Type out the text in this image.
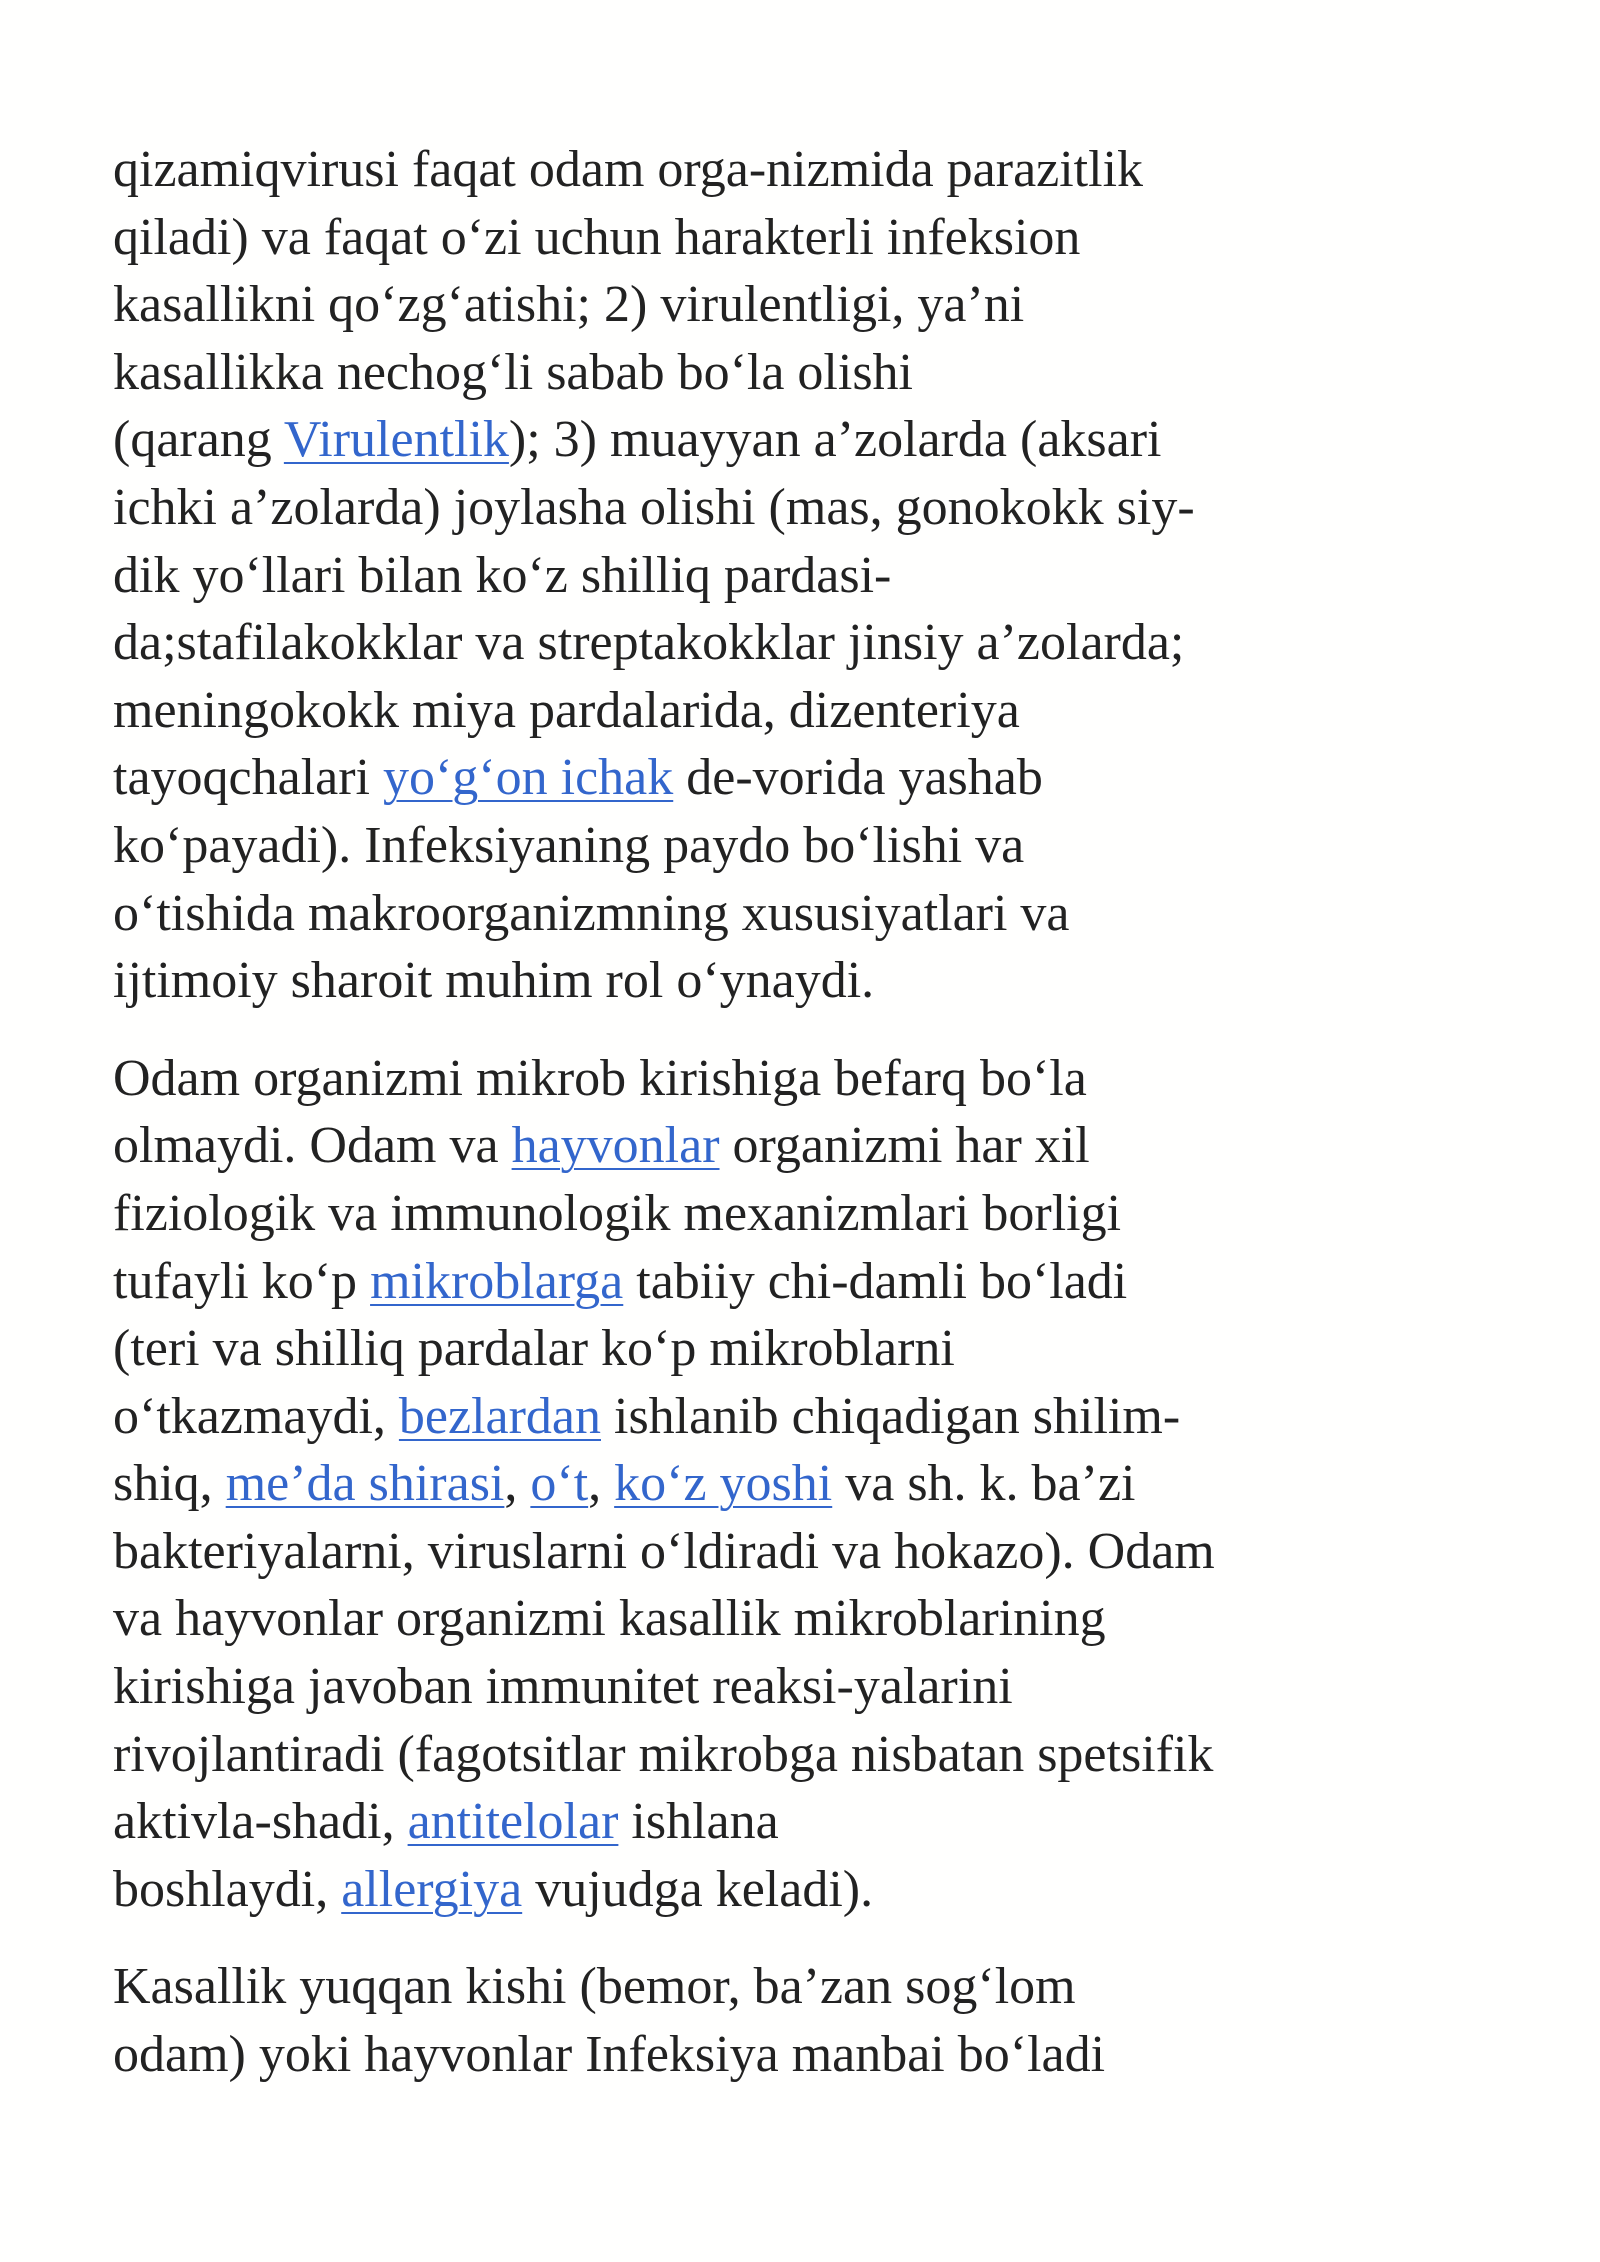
qizamiqvirusi faqat odam orga-nizmida parazitlik
qiladi) va faqat o‘zi uchun harakterli infeksion
kasallikni qo‘zg‘atishi; 2) virulentligi, ya’ni
kasallikka nechog‘li sabab bo‘la olishi
(qarang Virulentlik); 3) muayyan a’zolarda (aksari
ichki a’zolarda) joylasha olishi (mas, gonokokk siy-
dik yo‘llari bilan ko‘z shilliq pardasi-
da;stafilakokklar va streptakokklar jinsiy a’zolarda;
meningokokk miya pardalarida, dizenteriya
tayoqchalari yo‘g‘on ichak de-vorida yashab
ko‘payadi). Infeksiyaning paydo bo‘lishi va
o‘tishida makroorganizmning xususiyatlari va
ijtimoiy sharoit muhim rol o‘ynaydi.
Odam organizmi mikrob kirishiga befarq bo‘la
olmaydi. Odam va hayvonlar organizmi har xil
fiziologik va immunologik mexanizmlari borligi
tufayli ko‘p mikroblarga tabiiy chi-damli bo‘ladi
(teri va shilliq pardalar ko‘p mikroblarni
o‘tkazmaydi, bezlardan ishlanib chiqadigan shilim-
shiq, me’da shirasi, o‘t, ko‘z yoshi va sh. k. ba’zi
bakteriyalarni, viruslarni o‘ldiradi va hokazo). Odam
va hayvonlar organizmi kasallik mikroblarining
kirishiga javoban immunitet reaksi-yalarini
rivojlantiradi (fagotsitlar mikrobga nisbatan spetsifik
aktivla-shadi, antitelolar ishlana
boshlaydi, allergiya vujudga keladi).
Kasallik yuqqan kishi (bemor, ba’zan sog‘lom
odam) yoki hayvonlar Infeksiya manbai bo‘ladi
